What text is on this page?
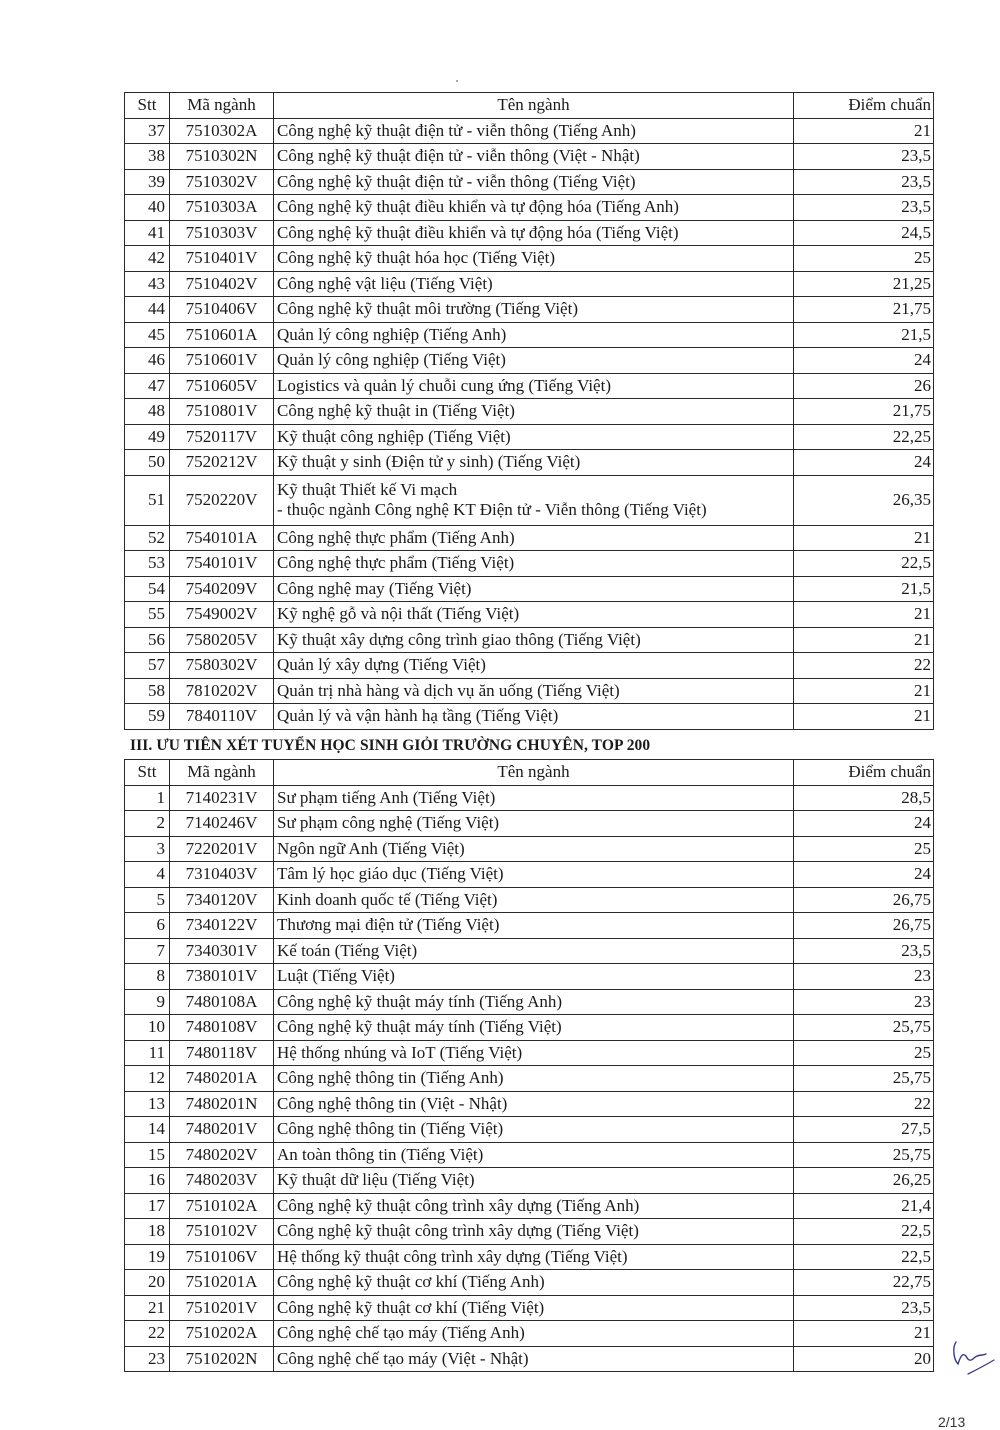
Stt	Mã ngành	Tên ngành	Điểm chuẩn
37	7510302A	Công nghệ kỹ thuật điện tử - viễn thông (Tiếng Anh)	21
38	7510302N	Công nghệ kỹ thuật điện tử - viễn thông (Việt - Nhật)	23,5
39	7510302V	Công nghệ kỹ thuật điện tử - viễn thông (Tiếng Việt)	23,5
40	7510303A	Công nghệ kỹ thuật điều khiển và tự động hóa (Tiếng Anh)	23,5
41	7510303V	Công nghệ kỹ thuật điều khiển và tự động hóa (Tiếng Việt)	24,5
42	7510401V	Công nghệ kỹ thuật hóa học (Tiếng Việt)	25
43	7510402V	Công nghệ vật liệu (Tiếng Việt)	21,25
44	7510406V	Công nghệ kỹ thuật môi trường (Tiếng Việt)	21,75
45	7510601A	Quản lý công nghiệp (Tiếng Anh)	21,5
46	7510601V	Quản lý công nghiệp (Tiếng Việt)	24
47	7510605V	Logistics và quản lý chuỗi cung ứng (Tiếng Việt)	26
48	7510801V	Công nghệ kỹ thuật in (Tiếng Việt)	21,75
49	7520117V	Kỹ thuật công nghiệp (Tiếng Việt)	22,25
50	7520212V	Kỹ thuật y sinh (Điện tử y sinh) (Tiếng Việt)	24
51	7520220V	Kỹ thuật Thiết kế Vi mạch
- thuộc ngành Công nghệ KT Điện tử - Viễn thông (Tiếng Việt)	26,35
52	7540101A	Công nghệ thực phẩm (Tiếng Anh)	21
53	7540101V	Công nghệ thực phẩm (Tiếng Việt)	22,5
54	7540209V	Công nghệ may (Tiếng Việt)	21,5
55	7549002V	Kỹ nghệ gỗ và nội thất (Tiếng Việt)	21
56	7580205V	Kỹ thuật xây dựng công trình giao thông (Tiếng Việt)	21
57	7580302V	Quản lý xây dựng (Tiếng Việt)	22
58	7810202V	Quản trị nhà hàng và dịch vụ ăn uống (Tiếng Việt)	21
59	7840110V	Quản lý và vận hành hạ tầng (Tiếng Việt)	21
III. ƯU TIÊN XÉT TUYỂN HỌC SINH GIỎI TRƯỜNG CHUYÊN, TOP 200
Stt	Mã ngành	Tên ngành	Điểm chuẩn
1	7140231V	Sư phạm tiếng Anh (Tiếng Việt)	28,5
2	7140246V	Sư phạm công nghệ (Tiếng Việt)	24
3	7220201V	Ngôn ngữ Anh (Tiếng Việt)	25
4	7310403V	Tâm lý học giáo dục (Tiếng Việt)	24
5	7340120V	Kinh doanh quốc tế (Tiếng Việt)	26,75
6	7340122V	Thương mại điện tử (Tiếng Việt)	26,75
7	7340301V	Kế toán (Tiếng Việt)	23,5
8	7380101V	Luật (Tiếng Việt)	23
9	7480108A	Công nghệ kỹ thuật máy tính (Tiếng Anh)	23
10	7480108V	Công nghệ kỹ thuật máy tính (Tiếng Việt)	25,75
11	7480118V	Hệ thống nhúng và IoT (Tiếng Việt)	25
12	7480201A	Công nghệ thông tin (Tiếng Anh)	25,75
13	7480201N	Công nghệ thông tin (Việt - Nhật)	22
14	7480201V	Công nghệ thông tin (Tiếng Việt)	27,5
15	7480202V	An toàn thông tin (Tiếng Việt)	25,75
16	7480203V	Kỹ thuật dữ liệu (Tiếng Việt)	26,25
17	7510102A	Công nghệ kỹ thuật công trình xây dựng (Tiếng Anh)	21,4
18	7510102V	Công nghệ kỹ thuật công trình xây dựng (Tiếng Việt)	22,5
19	7510106V	Hệ thống kỹ thuật công trình xây dựng (Tiếng Việt)	22,5
20	7510201A	Công nghệ kỹ thuật cơ khí (Tiếng Anh)	22,75
21	7510201V	Công nghệ kỹ thuật cơ khí (Tiếng Việt)	23,5
22	7510202A	Công nghệ chế tạo máy (Tiếng Anh)	21
23	7510202N	Công nghệ chế tạo máy (Việt - Nhật)	20
2/13
